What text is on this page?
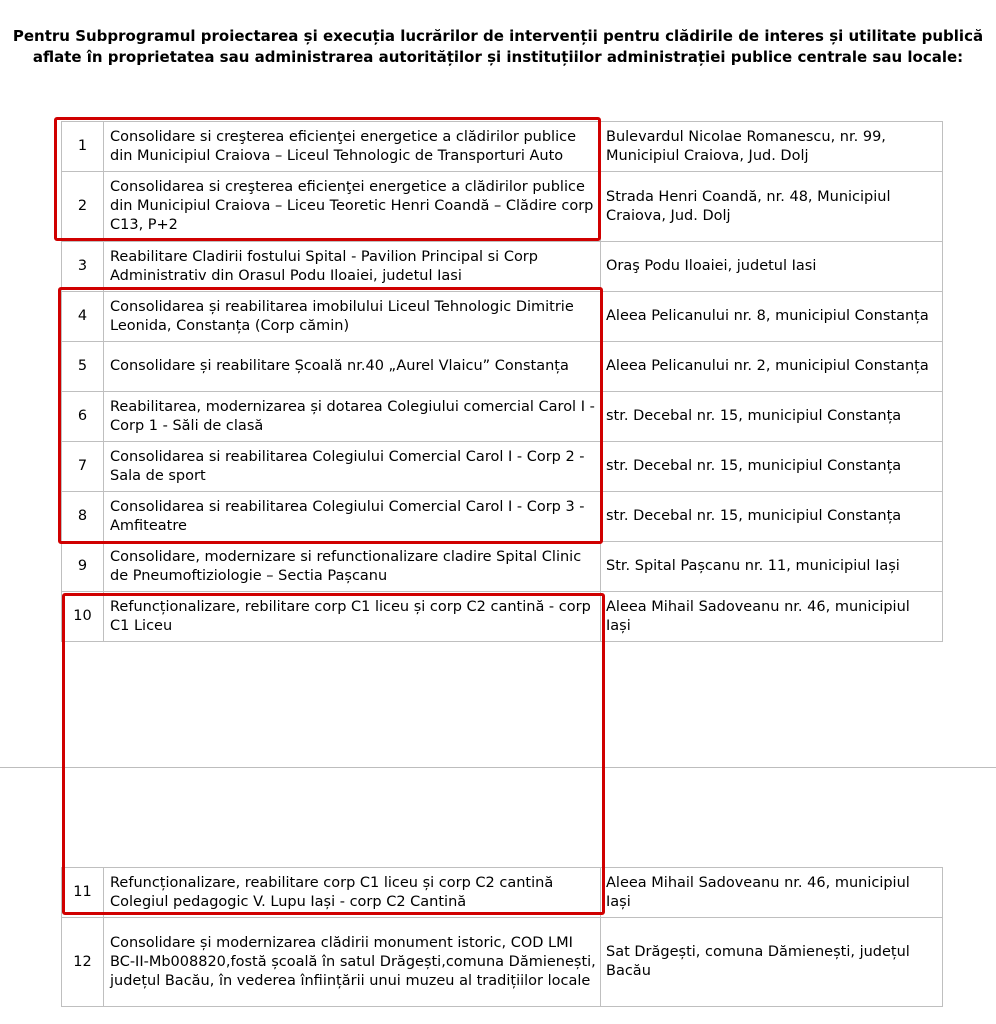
Pentru Subprogramul proiectarea și execuția lucrărilor de intervenții pentru clădirile de interes și utilitate publică
aflate în proprietatea sau administrarea autorităților și instituțiilor administrației publice centrale sau locale:
1	Consolidare si creşterea eficienţei energetice a clădirilor publice din Municipiul Craiova – Liceul Tehnologic de Transporturi Auto	Bulevardul Nicolae Romanescu, nr. 99, Municipiul Craiova, Jud. Dolj
2	Consolidarea si creşterea eficienţei energetice a clădirilor publice din Municipiul Craiova – Liceu Teoretic Henri Coandă – Clădire corp C13, P+2	Strada Henri Coandă, nr. 48, Municipiul Craiova, Jud. Dolj
3	Reabilitare Cladirii fostului Spital - Pavilion Principal si Corp Administrativ din Orasul Podu Iloaiei, judetul Iasi	Oraş Podu Iloaiei, judetul Iasi
4	Consolidarea și reabilitarea imobilului Liceul Tehnologic Dimitrie Leonida, Constanța (Corp cămin)	Aleea Pelicanului nr. 8, municipiul Constanța
5	Consolidare și reabilitare Școală nr.40 „Aurel Vlaicu” Constanța	Aleea Pelicanului nr. 2, municipiul Constanța
6	Reabilitarea, modernizarea și dotarea Colegiului comercial Carol I - Corp 1 - Săli de clasă	str. Decebal nr. 15, municipiul Constanța
7	Consolidarea si reabilitarea Colegiului Comercial Carol I - Corp 2 - Sala de sport	str. Decebal nr. 15, municipiul Constanța
8	Consolidarea si reabilitarea Colegiului Comercial Carol I - Corp 3 - Amfiteatre	str. Decebal nr. 15, municipiul Constanța
9	Consolidare, modernizare si refunctionalizare cladire Spital Clinic de Pneumoftiziologie – Sectia Pașcanu	Str. Spital Pașcanu nr. 11, municipiul Iași
10	Refuncționalizare, rebilitare corp C1 liceu și corp C2 cantină - corp C1 Liceu	Aleea Mihail Sadoveanu nr. 46, municipiul Iași
11	Refuncționalizare, reabilitare corp C1 liceu și corp C2 cantină Colegiul pedagogic V. Lupu Iași - corp C2 Cantină	Aleea Mihail Sadoveanu nr. 46, municipiul Iași
12	Consolidare și modernizarea clădirii monument istoric, COD LMI BC-II-Mb008820,fostă școală în satul Drăgești,comuna Dămienești, județul Bacău, în vederea înființării unui muzeu al tradițiilor locale	Sat Drăgești, comuna Dămienești, județul Bacău
